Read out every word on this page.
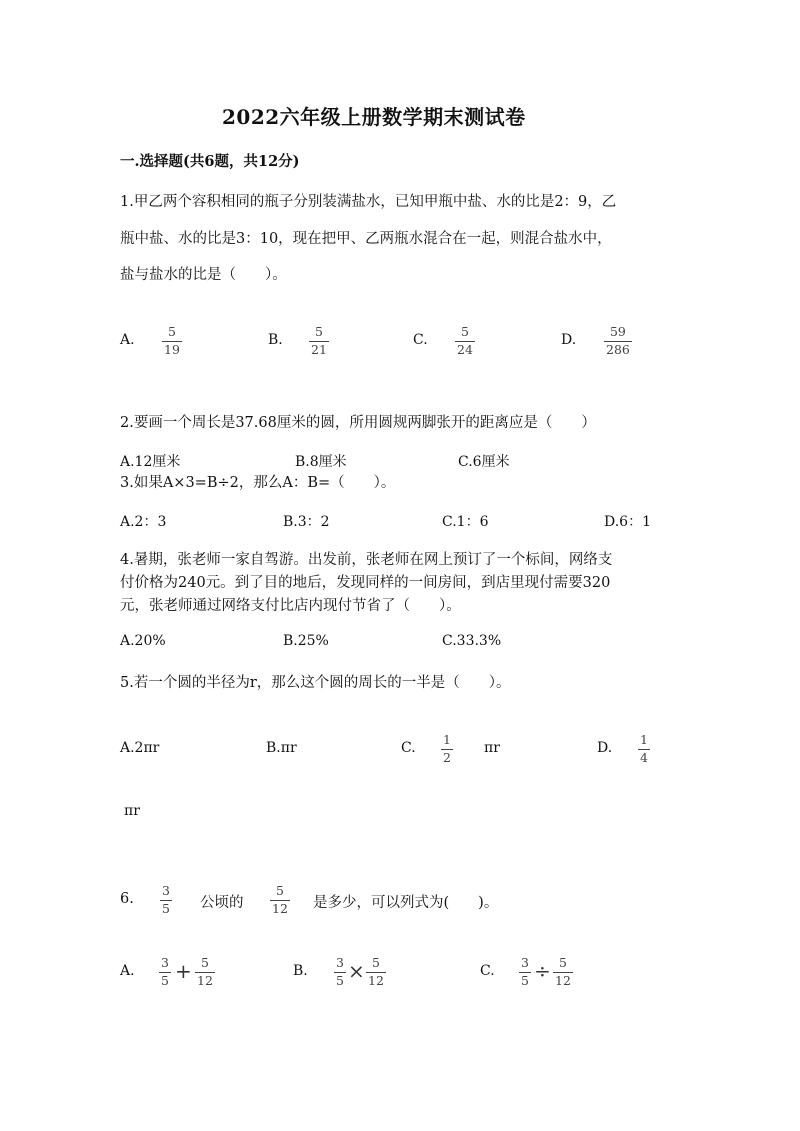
2022六年级上册数学期末测试卷
一.选择题(共6题，共12分)
1.甲乙两个容积相同的瓶子分别装满盐水，已知甲瓶中盐、水的比是2：9，乙
瓶中盐、水的比是3：10，现在把甲、乙两瓶水混合在一起，则混合盐水中，
盐与盐水的比是（　　）。
A.
5
19
B.
5
21
C.
5
24
D.
59
286
2.要画一个周长是37.68厘米的圆，所用圆规两脚张开的距离应是（　　）
A.12厘米	B.8厘米	C.6厘米
3.如果A×3=B÷2，那么A：B=（　　）。
A.2：3	B.3：2	C.1：6	D.6：1
4.暑期，张老师一家自驾游。出发前，张老师在网上预订了一个标间，网络支
付价格为240元。到了目的地后，发现同样的一间房间，到店里现付需要320
元，张老师通过网络支付比店内现付节省了（　　）。
A.20%	B.25%	C.33.3%
5.若一个圆的半径为r，那么这个圆的周长的一半是（　　）。
A.2πr	B.πr	C.
1
2
πr	D.
1
4
πr
6.
3
5 公顷的
5
12 是多少，可以列式为(　　)。
A.
3
5 + 5
12
B.
3
5 × 5
12
C.
3
5 ÷ 5
12
